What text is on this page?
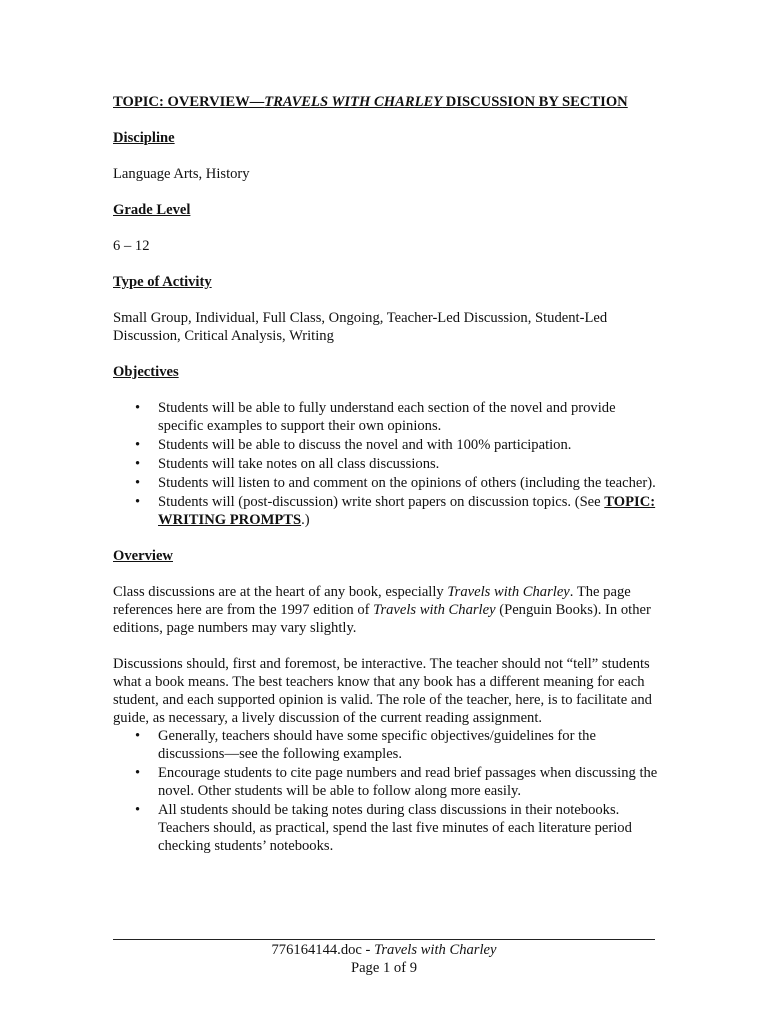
TOPIC: OVERVIEW—TRAVELS WITH CHARLEY DISCUSSION BY SECTION

Discipline

Language Arts, History

Grade Level

6 – 12

Type of Activity

Small Group, Individual, Full Class, Ongoing, Teacher-Led Discussion, Student-Led Discussion, Critical Analysis, Writing

Objectives

• Students will be able to fully understand each section of the novel and provide specific examples to support their own opinions.
• Students will be able to discuss the novel and with 100% participation.
• Students will take notes on all class discussions.
• Students will listen to and comment on the opinions of others (including the teacher).
• Students will (post-discussion) write short papers on discussion topics. (See TOPIC: WRITING PROMPTS.)

Overview

Class discussions are at the heart of any book, especially Travels with Charley. The page references here are from the 1997 edition of Travels with Charley (Penguin Books). In other editions, page numbers may vary slightly.

Discussions should, first and foremost, be interactive. The teacher should not “tell” students what a book means. The best teachers know that any book has a different meaning for each student, and each supported opinion is valid. The role of the teacher, here, is to facilitate and guide, as necessary, a lively discussion of the current reading assignment.

• Generally, teachers should have some specific objectives/guidelines for the discussions—see the following examples.
• Encourage students to cite page numbers and read brief passages when discussing the novel. Other students will be able to follow along more easily.
• All students should be taking notes during class discussions in their notebooks. Teachers should, as practical, spend the last five minutes of each literature period checking students’ notebooks.
776164144.doc - Travels with Charley
Page 1 of 9
